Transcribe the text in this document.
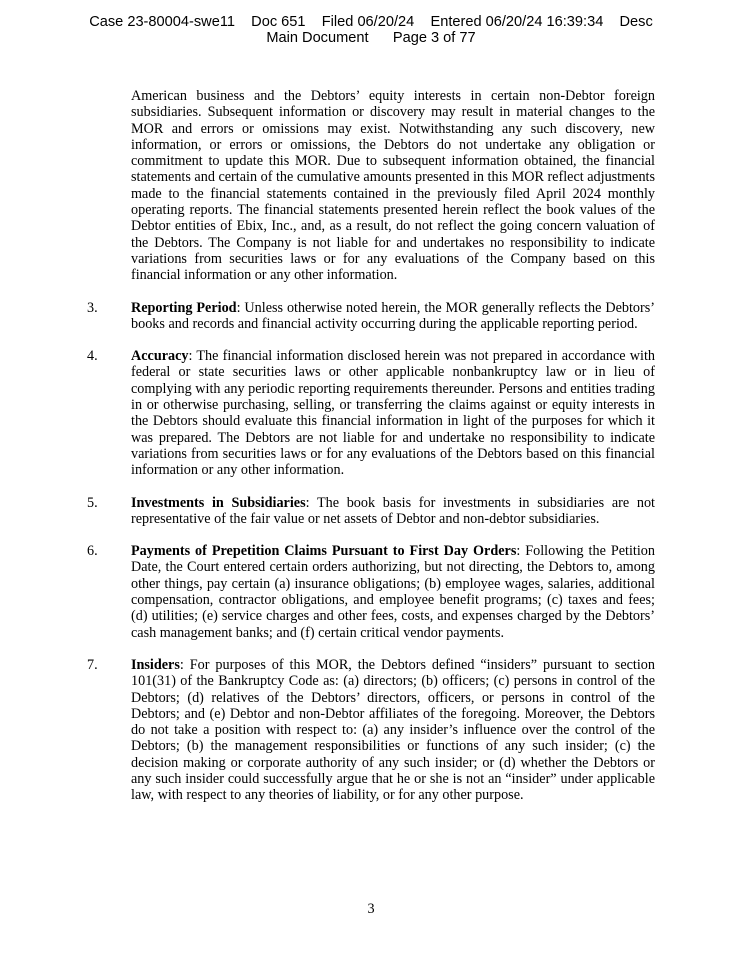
Case 23-80004-swe11    Doc 651    Filed 06/20/24    Entered 06/20/24 16:39:34    Desc
Main Document      Page 3 of 77

American business and the Debtors’ equity interests in certain non-Debtor foreign subsidiaries. Subsequent information or discovery may result in material changes to the MOR and errors or omissions may exist. Notwithstanding any such discovery, new information, or errors or omissions, the Debtors do not undertake any obligation or commitment to update this MOR. Due to subsequent information obtained, the financial statements and certain of the cumulative amounts presented in this MOR reflect adjustments made to the financial statements contained in the previously filed April 2024 monthly operating reports. The financial statements presented herein reflect the book values of the Debtor entities of Ebix, Inc., and, as a result, do not reflect the going concern valuation of the Debtors. The Company is not liable for and undertakes no responsibility to indicate variations from securities laws or for any evaluations of the Company based on this financial information or any other information.

3.	Reporting Period: Unless otherwise noted herein, the MOR generally reflects the Debtors’ books and records and financial activity occurring during the applicable reporting period.
4.	Accuracy: The financial information disclosed herein was not prepared in accordance with federal or state securities laws or other applicable nonbankruptcy law or in lieu of complying with any periodic reporting requirements thereunder. Persons and entities trading in or otherwise purchasing, selling, or transferring the claims against or equity interests in the Debtors should evaluate this financial information in light of the purposes for which it was prepared. The Debtors are not liable for and undertake no responsibility to indicate variations from securities laws or for any evaluations of the Debtors based on this financial information or any other information.
5.	Investments in Subsidiaries: The book basis for investments in subsidiaries are not representative of the fair value or net assets of Debtor and non-debtor subsidiaries.
6.	Payments of Prepetition Claims Pursuant to First Day Orders: Following the Petition Date, the Court entered certain orders authorizing, but not directing, the Debtors to, among other things, pay certain (a) insurance obligations; (b) employee wages, salaries, additional compensation, contractor obligations, and employee benefit programs; (c) taxes and fees; (d) utilities; (e) service charges and other fees, costs, and expenses charged by the Debtors’ cash management banks; and (f) certain critical vendor payments.
7.	Insiders: For purposes of this MOR, the Debtors defined “insiders” pursuant to section 101(31) of the Bankruptcy Code as: (a) directors; (b) officers; (c) persons in control of the Debtors; (d) relatives of the Debtors’ directors, officers, or persons in control of the Debtors; and (e) Debtor and non-Debtor affiliates of the foregoing. Moreover, the Debtors do not take a position with respect to: (a) any insider’s influence over the control of the Debtors; (b) the management responsibilities or functions of any such insider; (c) the decision making or corporate authority of any such insider; or (d) whether the Debtors or any such insider could successfully argue that he or she is not an “insider” under applicable law, with respect to any theories of liability, or for any other purpose.
3
